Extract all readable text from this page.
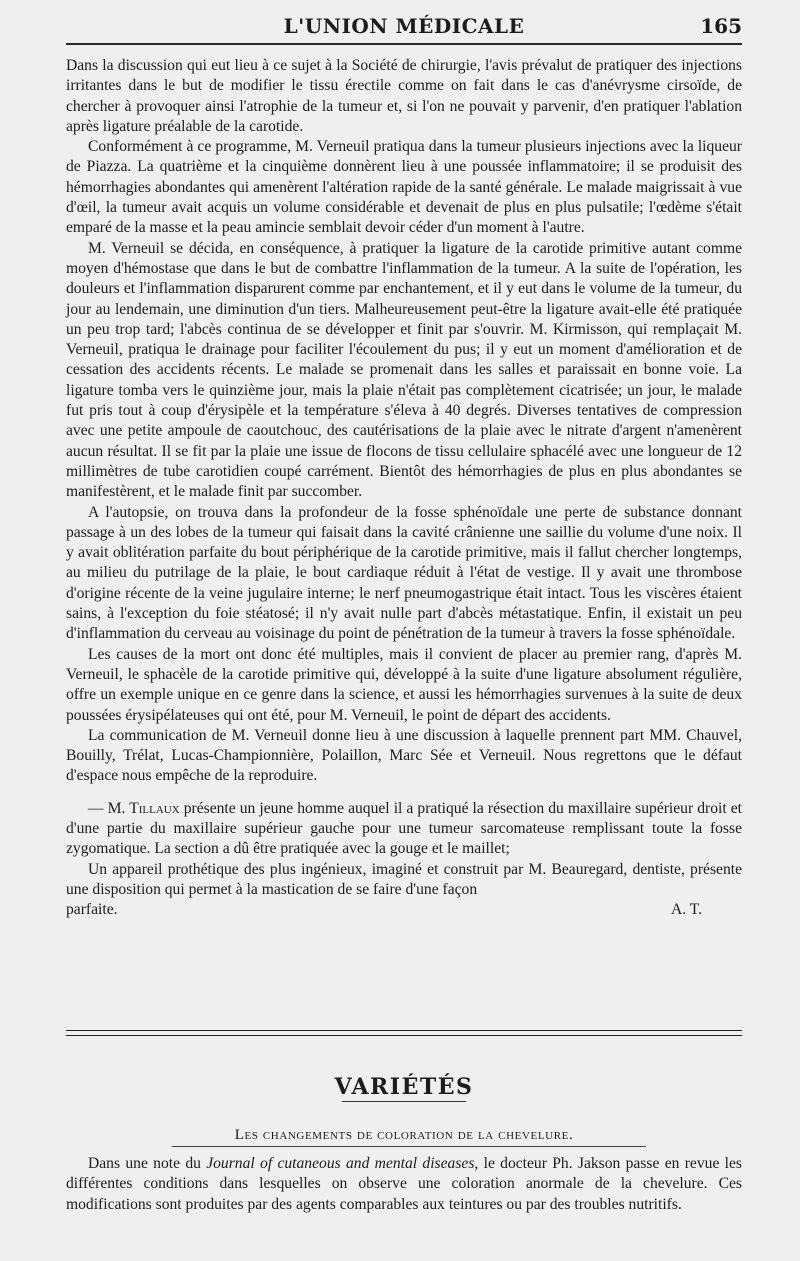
L'UNION MÉDICALE	165

Dans la discussion qui eut lieu à ce sujet à la Société de chirurgie, l'avis prévalut de pratiquer des injections irritantes dans le but de modifier le tissu érectile comme on fait dans le cas d'anévrysme cirsoïde, de chercher à provoquer ainsi l'atrophie de la tumeur et, si l'on ne pouvait y parvenir, d'en pratiquer l'ablation après ligature préalable de la carotide.

Conformément à ce programme, M. Verneuil pratiqua dans la tumeur plusieurs injections avec la liqueur de Piazza. La quatrième et la cinquième donnèrent lieu à une poussée inflammatoire; il se produisit des hémorrhagies abondantes qui amenèrent l'altération rapide de la santé générale. Le malade maigrissait à vue d'œil, la tumeur avait acquis un volume considérable et devenait de plus en plus pulsatile; l'œdème s'était emparé de la masse et la peau amincie semblait devoir céder d'un moment à l'autre.

M. Verneuil se décida, en conséquence, à pratiquer la ligature de la carotide primitive autant comme moyen d'hémostase que dans le but de combattre l'inflammation de la tumeur. A la suite de l'opération, les douleurs et l'inflammation disparurent comme par enchantement, et il y eut dans le volume de la tumeur, du jour au lendemain, une diminution d'un tiers. Malheureusement peut-être la ligature avait-elle été pratiquée un peu trop tard; l'abcès continua de se développer et finit par s'ouvrir. M. Kirmisson, qui remplaçait M. Verneuil, pratiqua le drainage pour faciliter l'écoulement du pus; il y eut un moment d'amélioration et de cessation des accidents récents. Le malade se promenait dans les salles et paraissait en bonne voie. La ligature tomba vers le quinzième jour, mais la plaie n'était pas complètement cicatrisée; un jour, le malade fut pris tout à coup d'érysipèle et la température s'éleva à 40 degrés. Diverses tentatives de compression avec une petite ampoule de caoutchouc, des cautérisations de la plaie avec le nitrate d'argent n'amenèrent aucun résultat. Il se fit par la plaie une issue de flocons de tissu cellulaire sphacélé avec une longueur de 12 millimètres de tube carotidien coupé carrément. Bientôt des hémorrhagies de plus en plus abondantes se manifestèrent, et le malade finit par succomber.

A l'autopsie, on trouva dans la profondeur de la fosse sphénoïdale une perte de substance donnant passage à un des lobes de la tumeur qui faisait dans la cavité crânienne une saillie du volume d'une noix. Il y avait oblitération parfaite du bout périphérique de la carotide primitive, mais il fallut chercher longtemps, au milieu du putrilage de la plaie, le bout cardiaque réduit à l'état de vestige. Il y avait une thrombose d'origine récente de la veine jugulaire interne; le nerf pneumogastrique était intact. Tous les viscères étaient sains, à l'exception du foie stéatosé; il n'y avait nulle part d'abcès métastatique. Enfin, il existait un peu d'inflammation du cerveau au voisinage du point de pénétration de la tumeur à travers la fosse sphénoïdale.

Les causes de la mort ont donc été multiples, mais il convient de placer au premier rang, d'après M. Verneuil, le sphacèle de la carotide primitive qui, développé à la suite d'une ligature absolument régulière, offre un exemple unique en ce genre dans la science, et aussi les hémorrhagies survenues à la suite de deux poussées érysipélateuses qui ont été, pour M. Verneuil, le point de départ des accidents.

La communication de M. Verneuil donne lieu à une discussion à laquelle prennent part MM. Chauvel, Bouilly, Trélat, Lucas-Championnière, Polaillon, Marc Sée et Verneuil. Nous regrettons que le défaut d'espace nous empêche de la reproduire.

— M. Tillaux présente un jeune homme auquel il a pratiqué la résection du maxillaire supérieur droit et d'une partie du maxillaire supérieur gauche pour une tumeur sarcomateuse remplissant toute la fosse zygomatique. La section a dû être pratiquée avec la gouge et le maillet;

Un appareil prothétique des plus ingénieux, imaginé et construit par M. Beauregard, dentiste, présente une disposition qui permet à la mastication de se faire d'une façon

parfaite.	A. T.

VARIÉTÉS
Les changements de coloration de la chevelure.

Dans une note du Journal of cutaneous and mental diseases, le docteur Ph. Jakson passe en revue les différentes conditions dans lesquelles on observe une coloration anormale de la chevelure. Ces modifications sont produites par des agents comparables aux teintures ou par des troubles nutritifs.
